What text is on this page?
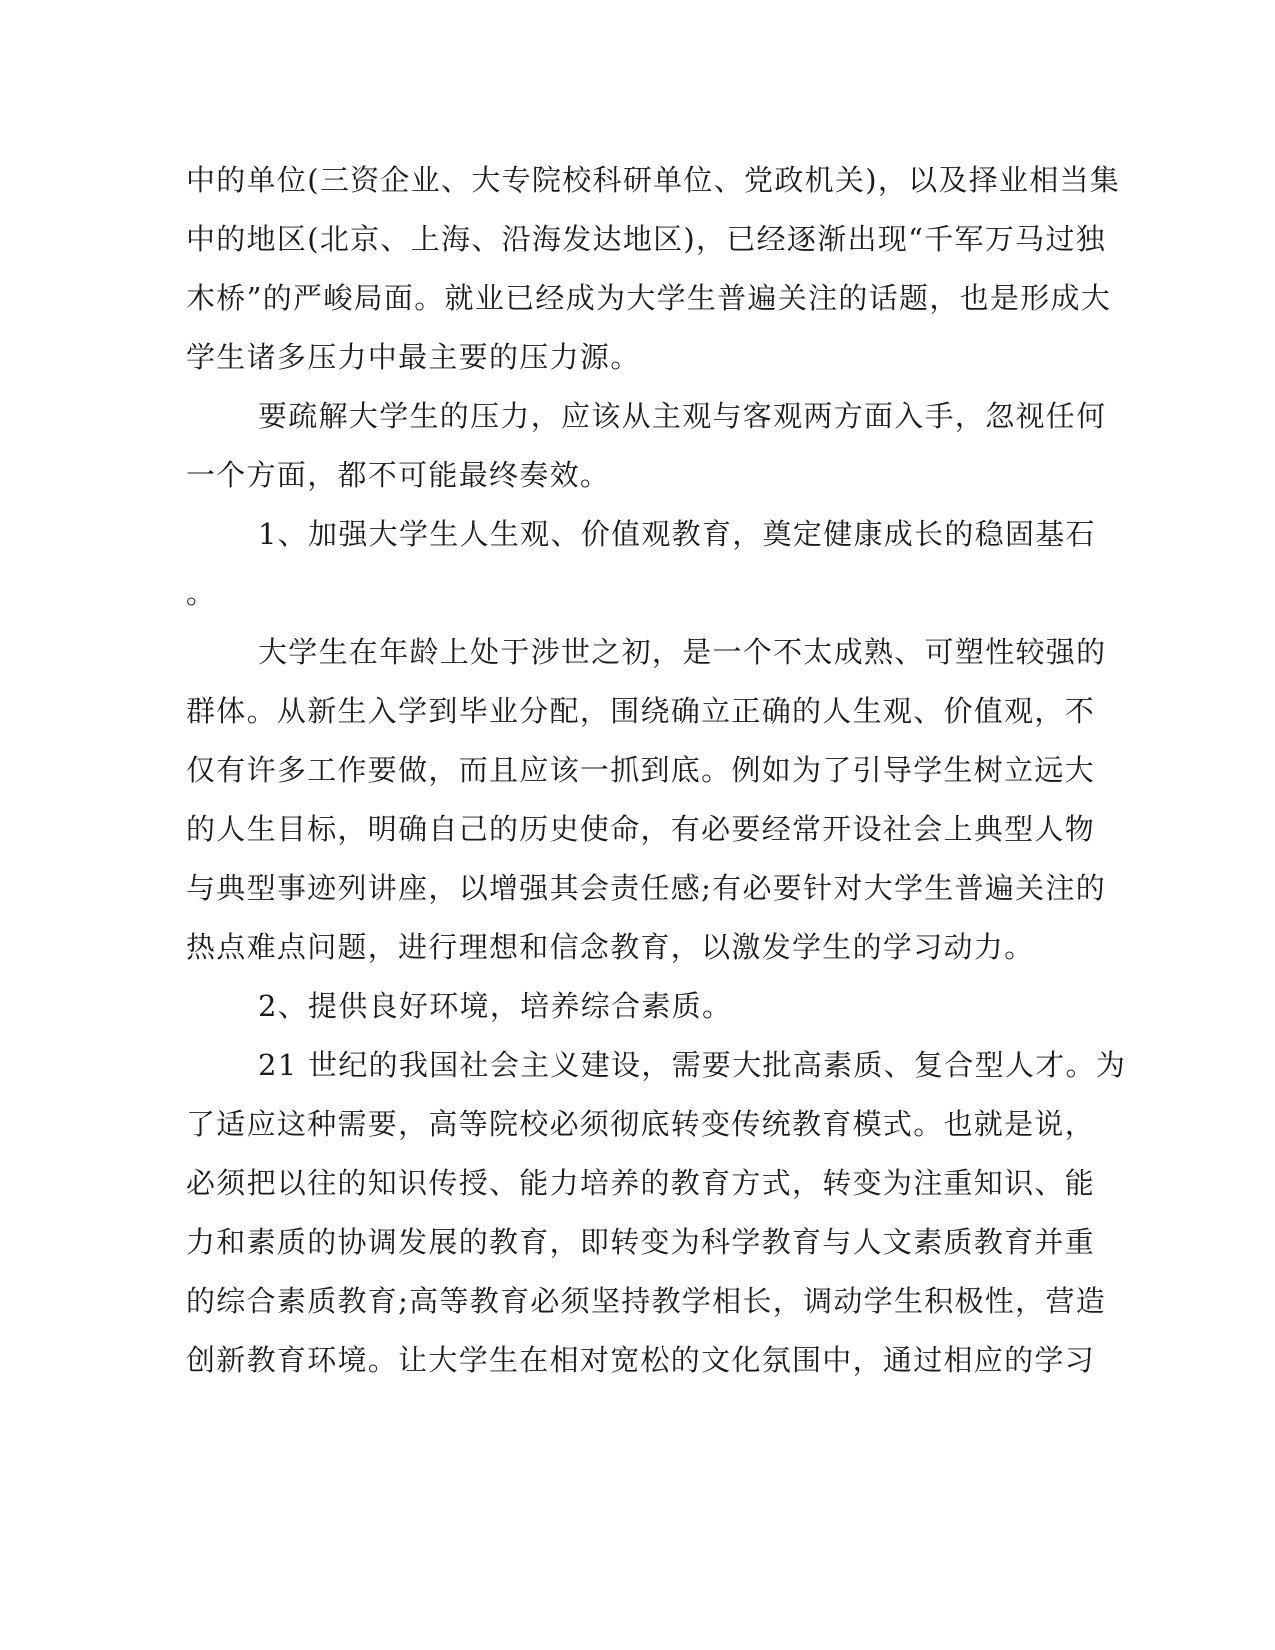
中的单位(三资企业、大专院校科研单位、党政机关)，以及择业相当集
中的地区(北京、上海、沿海发达地区)，已经逐渐出现“千军万马过独
木桥”的严峻局面。就业已经成为大学生普遍关注的话题，也是形成大
学生诸多压力中最主要的压力源。
要疏解大学生的压力，应该从主观与客观两方面入手，忽视任何
一个方面，都不可能最终奏效。
1、加强大学生人生观、价值观教育，奠定健康成长的稳固基石
。
大学生在年龄上处于涉世之初，是一个不太成熟、可塑性较强的
群体。从新生入学到毕业分配，围绕确立正确的人生观、价值观，不
仅有许多工作要做，而且应该一抓到底。例如为了引导学生树立远大
的人生目标，明确自己的历史使命，有必要经常开设社会上典型人物
与典型事迹列讲座，以增强其会责任感;有必要针对大学生普遍关注的
热点难点问题，进行理想和信念教育，以激发学生的学习动力。
2、提供良好环境，培养综合素质。
21 世纪的我国社会主义建设，需要大批高素质、复合型人才。为
了适应这种需要，高等院校必须彻底转变传统教育模式。也就是说，
必须把以往的知识传授、能力培养的教育方式，转变为注重知识、能
力和素质的协调发展的教育，即转变为科学教育与人文素质教育并重
的综合素质教育;高等教育必须坚持教学相长，调动学生积极性，营造
创新教育环境。让大学生在相对宽松的文化氛围中，通过相应的学习
